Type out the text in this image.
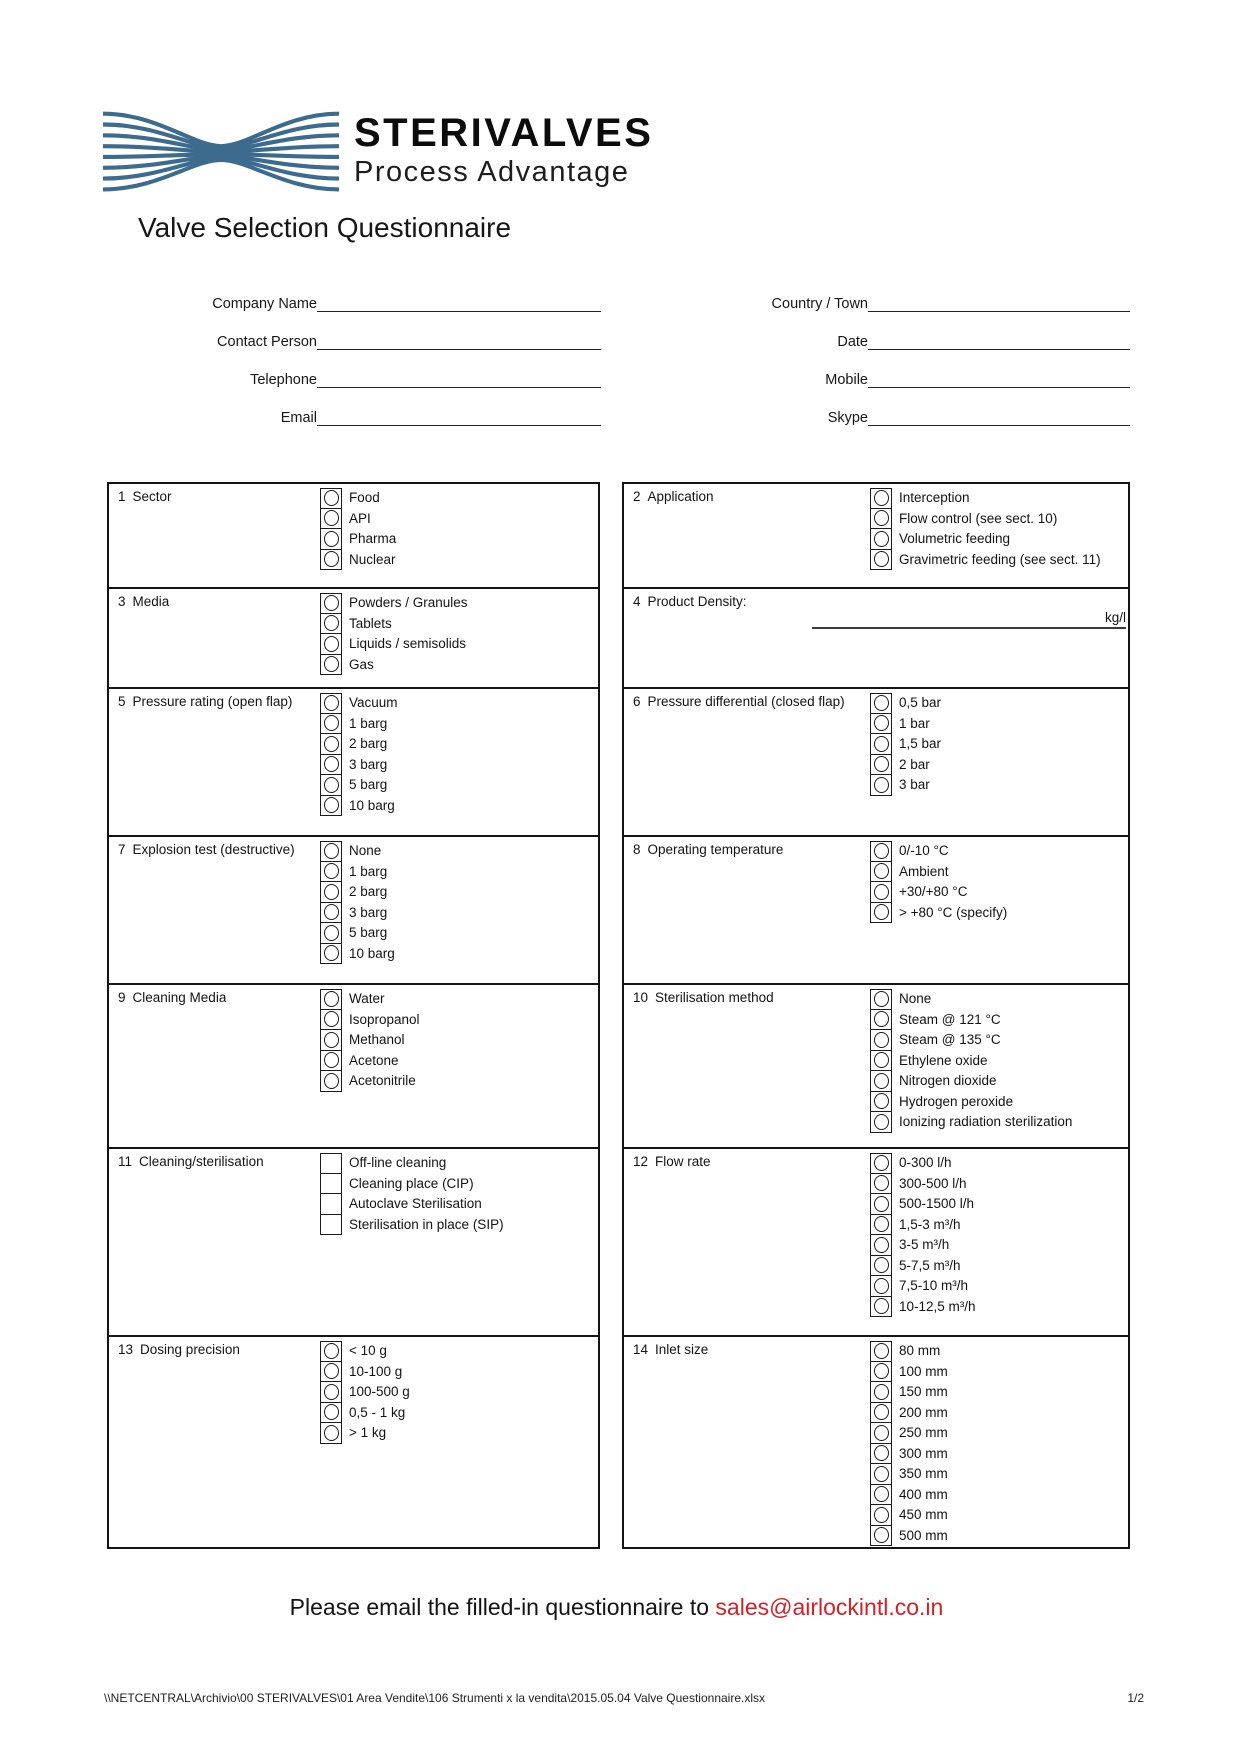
STERIVALVES
Process Advantage
Valve Selection Questionnaire
Company Name
Contact Person
Telephone
Email
Country / Town
Date
Mobile
Skype
1 Sector	Food
API
Pharma
Nuclear
3 Media	Powders / Granules
Tablets
Liquids / semisolids
Gas
5 Pressure rating (open flap)	Vacuum
1 barg
2 barg
3 barg
5 barg
10 barg
7 Explosion test (destructive)	None
1 barg
2 barg
3 barg
5 barg
10 barg
9 Cleaning Media	Water
Isopropanol
Methanol
Acetone
Acetonitrile
11 Cleaning/sterilisation	Off-line cleaning
Cleaning place (CIP)
Autoclave Sterilisation
Sterilisation in place (SIP)
13 Dosing precision	< 10 g
10-100 g
100-500 g
0,5 - 1 kg
> 1 kg
2 Application	Interception
Flow control (see sect. 10)
Volumetric feeding
Gravimetric feeding (see sect. 11)
4 Product Density:
kg/l
6 Pressure differential (closed flap)	0,5 bar
1 bar
1,5 bar
2 bar
3 bar
8 Operating temperature	0/-10 °C
Ambient
+30/+80 °C
> +80 °C (specify)
10 Sterilisation method	None
Steam @ 121 °C
Steam @ 135 °C
Ethylene oxide
Nitrogen dioxide
Hydrogen peroxide
Ionizing radiation sterilization
12 Flow rate	0-300 l/h
300-500 l/h
500-1500 l/h
1,5-3 m³/h
3-5 m³/h
5-7,5 m³/h
7,5-10 m³/h
10-12,5 m³/h
14 Inlet size	80 mm
100 mm
150 mm
200 mm
250 mm
300 mm
350 mm
400 mm
450 mm
500 mm
Please email the filled-in questionnaire to sales@airlockintl.co.in
\\NETCENTRAL\Archivio\00 STERIVALVES\01 Area Vendite\106 Strumenti x la vendita\2015.05.04 Valve Questionnaire.xlsx	1/2
